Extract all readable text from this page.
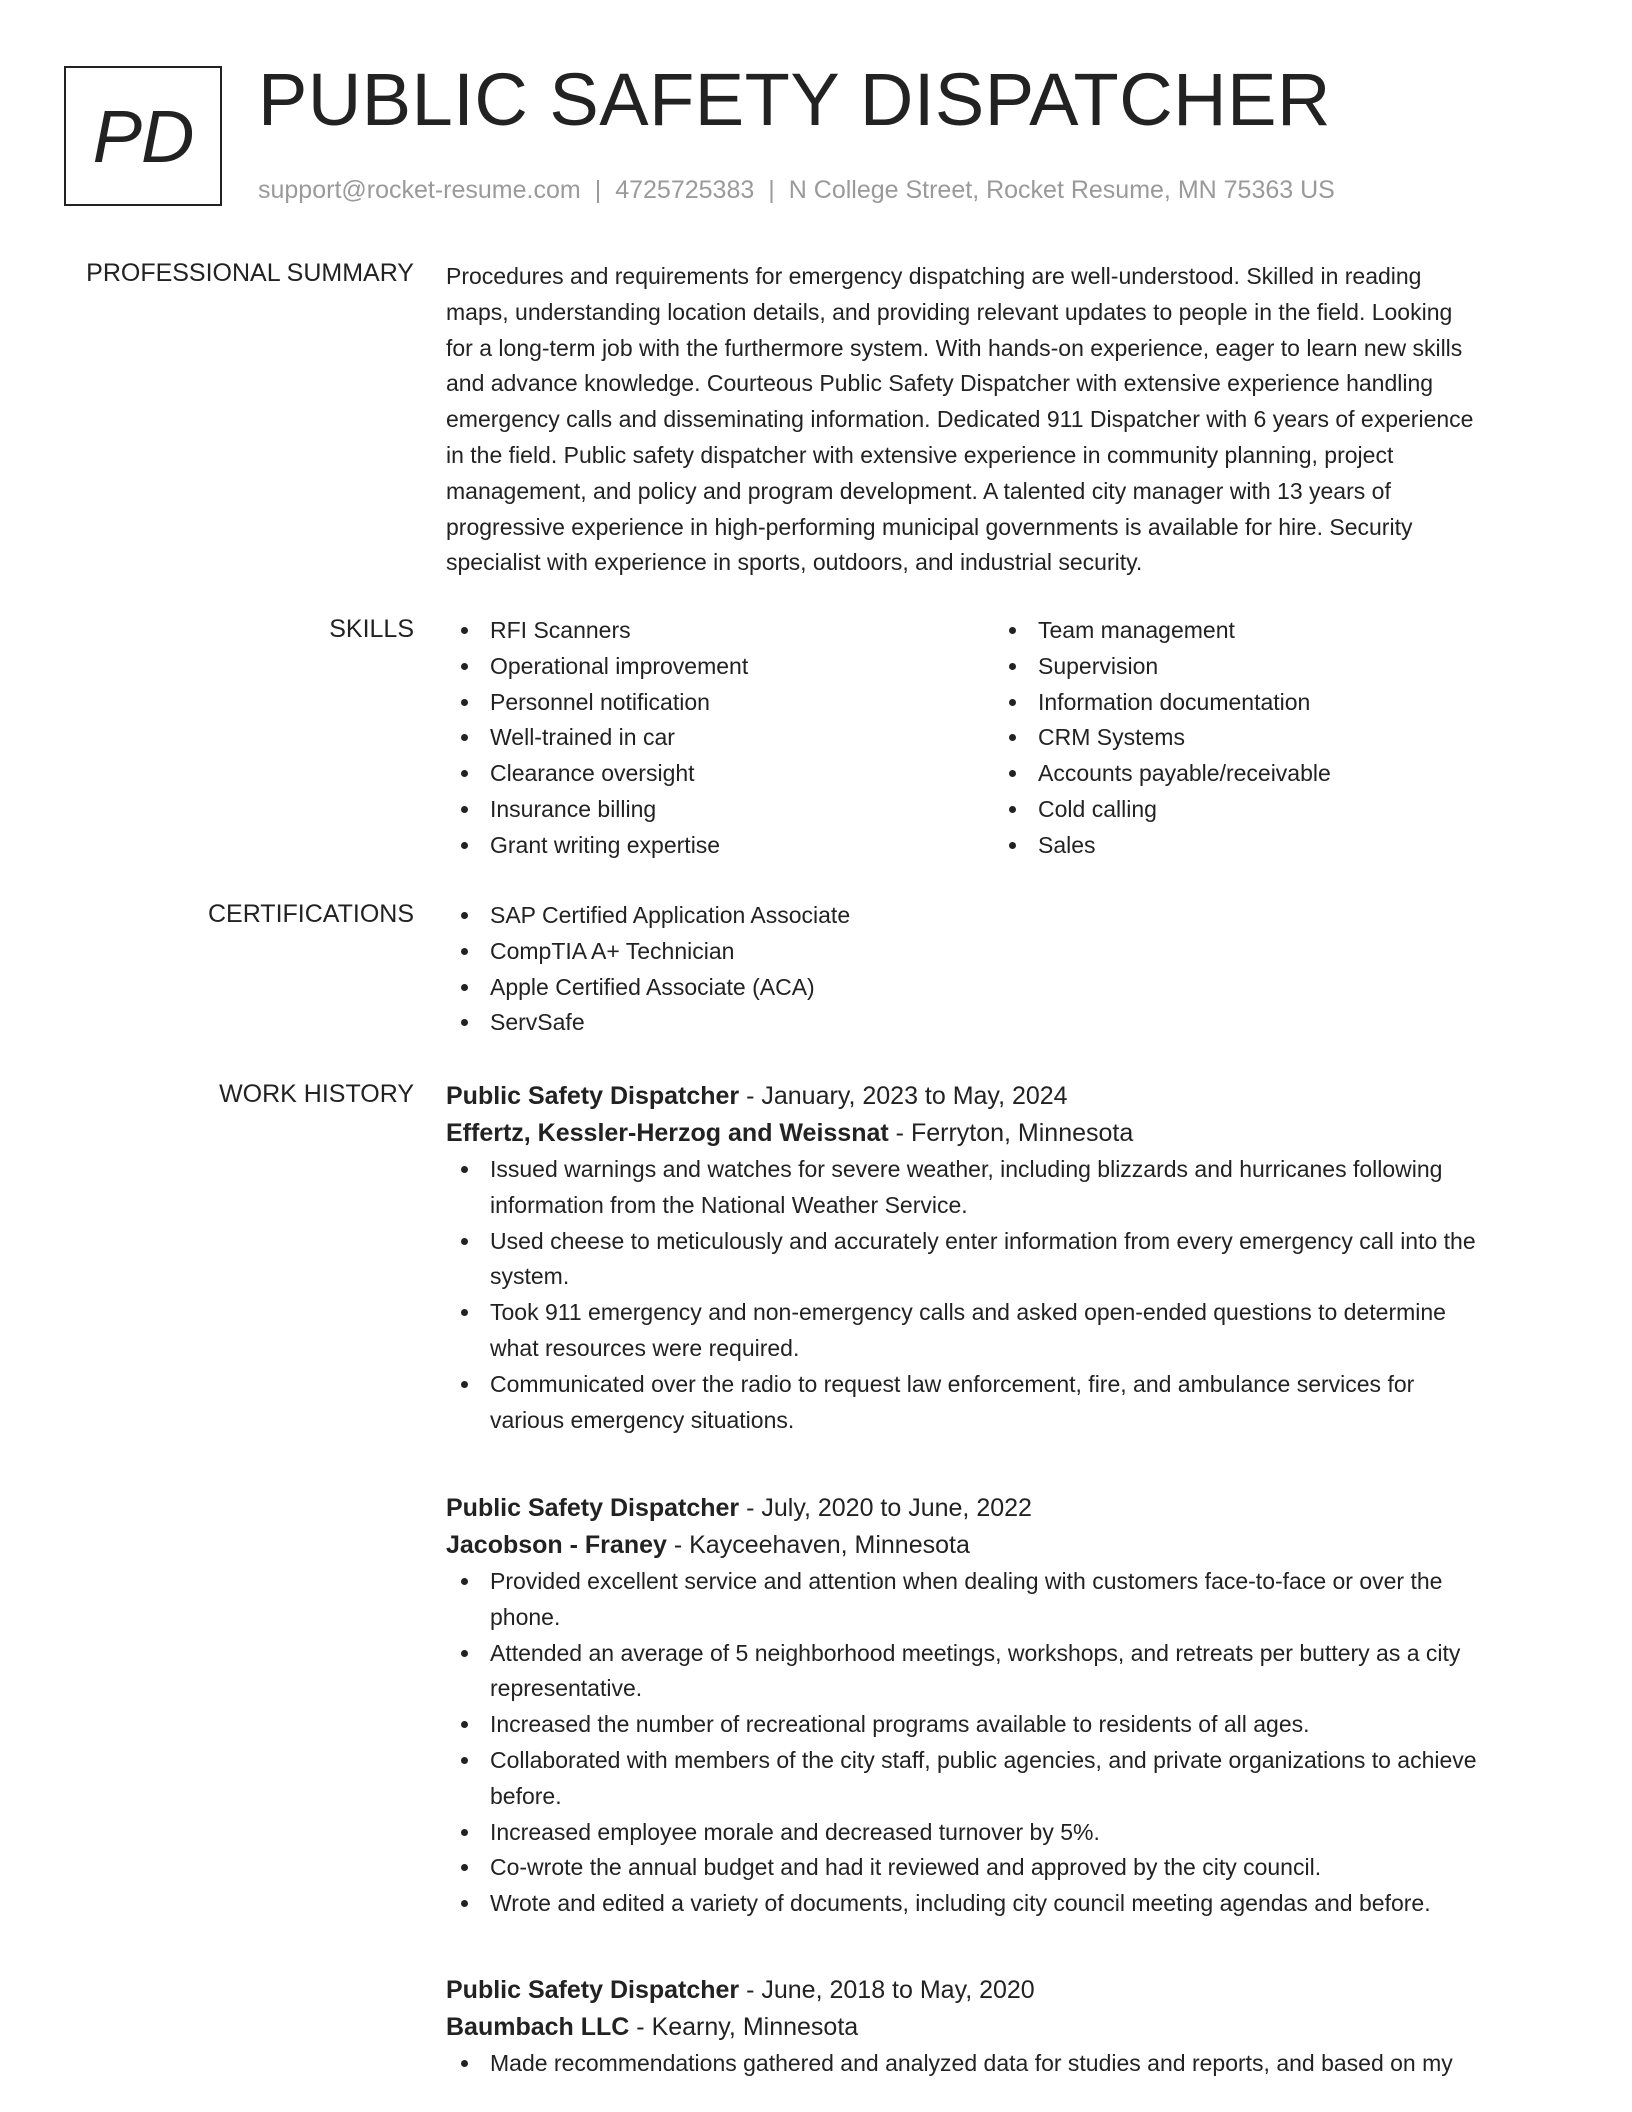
PD PUBLIC SAFETY DISPATCHER
support@rocket-resume.com | 4725725383 | N College Street, Rocket Resume, MN 75363 US
PROFESSIONAL SUMMARY Procedures and requirements for emergency dispatching are well-understood. Skilled in reading
maps, understanding location details, and providing relevant updates to people in the field. Looking
for a long-term job with the furthermore system. With hands-on experience, eager to learn new skills
and advance knowledge. Courteous Public Safety Dispatcher with extensive experience handling
emergency calls and disseminating information. Dedicated 911 Dispatcher with 6 years of experience
in the field. Public safety dispatcher with extensive experience in community planning, project
management, and policy and program development. A talented city manager with 13 years of
progressive experience in high-performing municipal governments is available for hire. Security
specialist with experience in sports, outdoors, and industrial security.

SKILLS	RFI Scanners
Operational improvement
Personnel notification
Well-trained in car
Clearance oversight
Insurance billing
Grant writing expertise
Team management
Supervision
Information documentation
CRM Systems
Accounts payable/receivable
Cold calling
Sales
CERTIFICATIONS	SAP Certified Application Associate
CompTIA A+ Technician
Apple Certified Associate (ACA)
ServSafe
WORK HISTORY Public Safety Dispatcher - January, 2023 to May, 2024
Effertz, Kessler-Herzog and Weissnat - Ferryton, Minnesota
Issued warnings and watches for severe weather, including blizzards and hurricanes following
information from the National Weather Service.
Used cheese to meticulously and accurately enter information from every emergency call into the
system.
Took 911 emergency and non-emergency calls and asked open-ended questions to determine
what resources were required.
Communicated over the radio to request law enforcement, fire, and ambulance services for
various emergency situations.
Public Safety Dispatcher - July, 2020 to June, 2022
Jacobson - Franey - Kayceehaven, Minnesota
Provided excellent service and attention when dealing with customers face-to-face or over the
phone.
Attended an average of 5 neighborhood meetings, workshops, and retreats per buttery as a city
representative.
Increased the number of recreational programs available to residents of all ages.
Collaborated with members of the city staff, public agencies, and private organizations to achieve
before.
Increased employee morale and decreased turnover by 5%.
Co-wrote the annual budget and had it reviewed and approved by the city council.
Wrote and edited a variety of documents, including city council meeting agendas and before.
Public Safety Dispatcher - June, 2018 to May, 2020
Baumbach LLC - Kearny, Minnesota
Made recommendations gathered and analyzed data for studies and reports, and based on my
